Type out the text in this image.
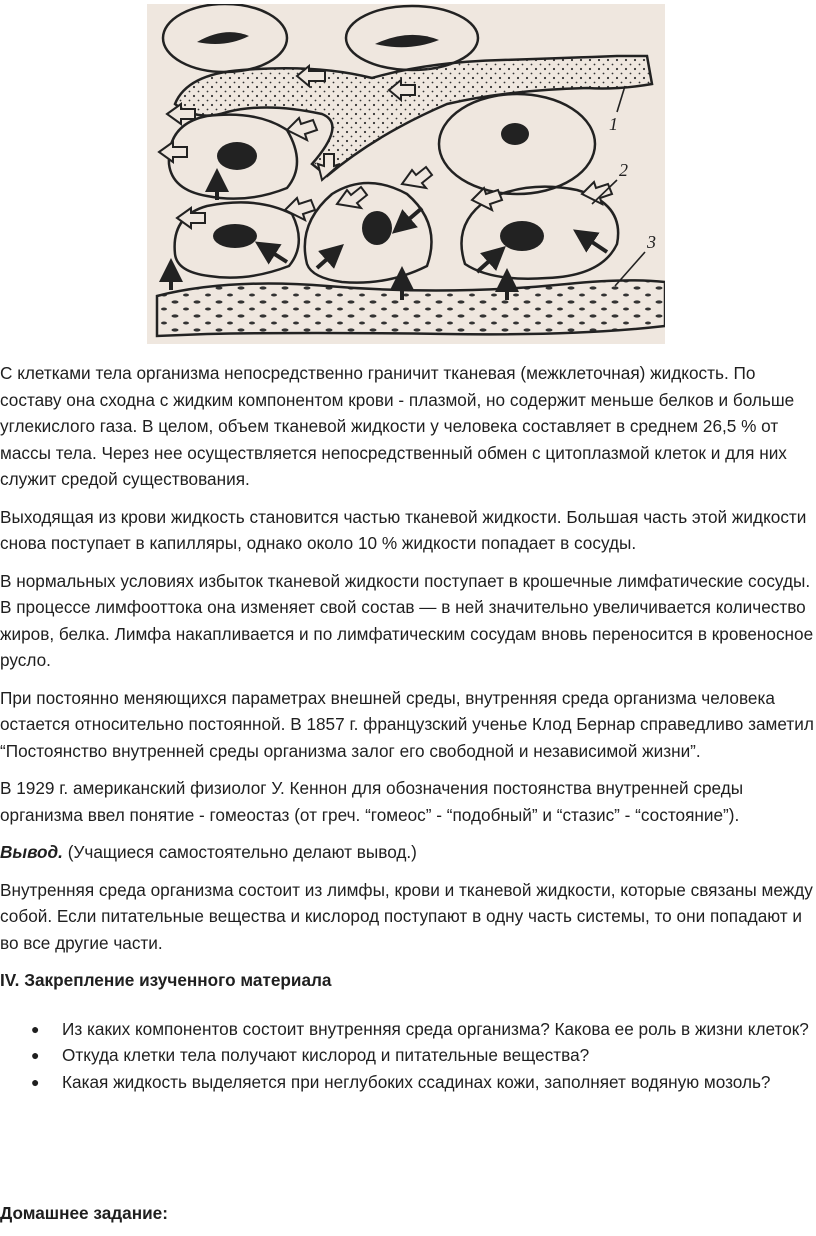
1
2
3

С клетками тела организма непосредственно граничит тканевая (межклеточная) жидкость. По составу она сходна с жидким компонентом крови - плазмой, но содержит меньше белков и больше углекислого газа. В целом, объем тканевой жидкости у человека составляет в среднем 26,5 % от массы тела. Через нее осуществляется непосредственный обмен с цитоплазмой клеток и для них служит средой существования.

Выходящая из крови жидкость становится частью тканевой жидкости. Большая часть этой жидкости снова поступает в капилляры, однако около 10 % жидкости попадает в сосуды.

В нормальных условиях избыток тканевой жидкости поступает в крошечные лимфатические сосуды. В процессе лимфооттока она изменяет свой состав — в ней значительно увеличивается количество жиров, белка. Лимфа накапливается и по лимфатическим сосудам вновь переносится в кровеносное русло.

При постоянно меняющихся параметрах внешней среды, внутренняя среда организма человека остается относительно постоянной. В 1857 г. французский ученье Клод Бернар справедливо заметил “Постоянство внутренней среды организма залог его свободной и независимой жизни”.

В 1929 г. американский физиолог У. Кеннон для обозначения постоянства внутренней среды организма ввел понятие - гомеостаз (от греч. “гомеос” - “подобный” и “стазис” - “состояние”).

Вывод. (Учащиеся самостоятельно делают вывод.)

Внутренняя среда организма состоит из лимфы, крови и тканевой жидкости, которые связаны между собой. Если питательные вещества и кислород поступают в одну часть системы, то они попадают и во все другие части.

IV. Закрепление изученного материала
● Из каких компонентов состоит внутренняя среда организма? Какова ее роль в жизни клеток?
● Откуда клетки тела получают кислород и питательные вещества?
● Какая жидкость выделяется при неглубоких ссадинах кожи, заполняет водяную мозоль?

Домашнее задание:
